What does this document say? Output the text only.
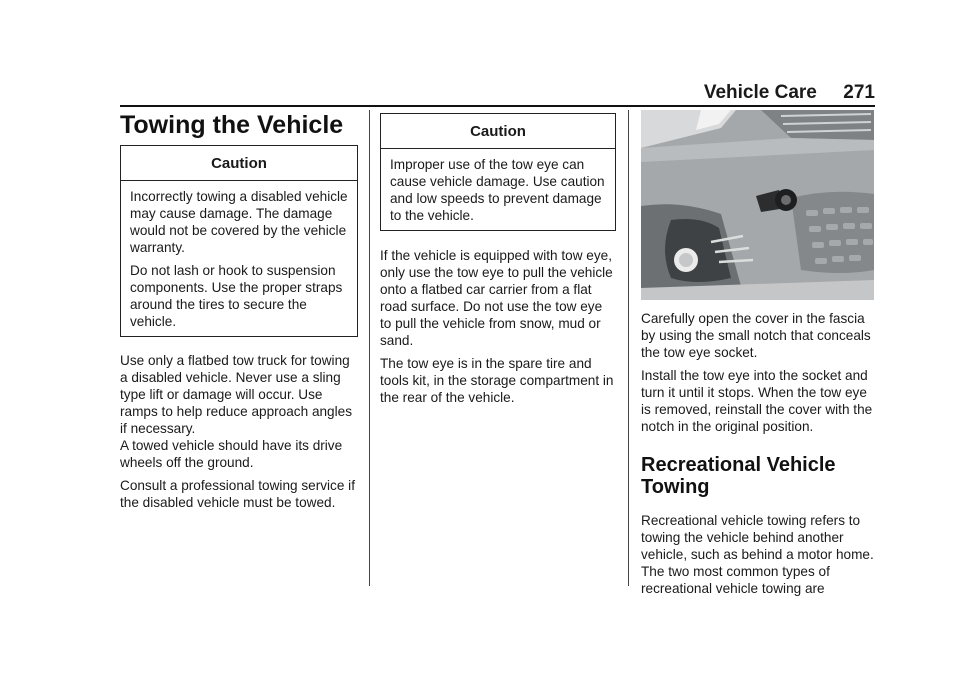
Vehicle Care 271
Towing the Vehicle
Caution

Incorrectly towing a disabled vehicle may cause damage. The damage would not be covered by the vehicle warranty.

Do not lash or hook to suspension components. Use the proper straps around the tires to secure the vehicle.

Use only a flatbed tow truck for towing a disabled vehicle. Never use a sling type lift or damage will occur. Use ramps to help reduce approach angles if necessary.

A towed vehicle should have its drive wheels off the ground.

Consult a professional towing service if the disabled vehicle must be towed.

Caution

Improper use of the tow eye can cause vehicle damage. Use caution and low speeds to prevent damage to the vehicle.

If the vehicle is equipped with tow eye, only use the tow eye to pull the vehicle onto a flatbed car carrier from a flat road surface. Do not use the tow eye to pull the vehicle from snow, mud or sand.

The tow eye is in the spare tire and tools kit, in the storage compartment in the rear of the vehicle.

Carefully open the cover in the fascia by using the small notch that conceals the tow eye socket.

Install the tow eye into the socket and turn it until it stops. When the tow eye is removed, reinstall the cover with the notch in the original position.

Recreational Vehicle Towing

Recreational vehicle towing refers to towing the vehicle behind another vehicle, such as behind a motor home. The two most common types of recreational vehicle towing are
